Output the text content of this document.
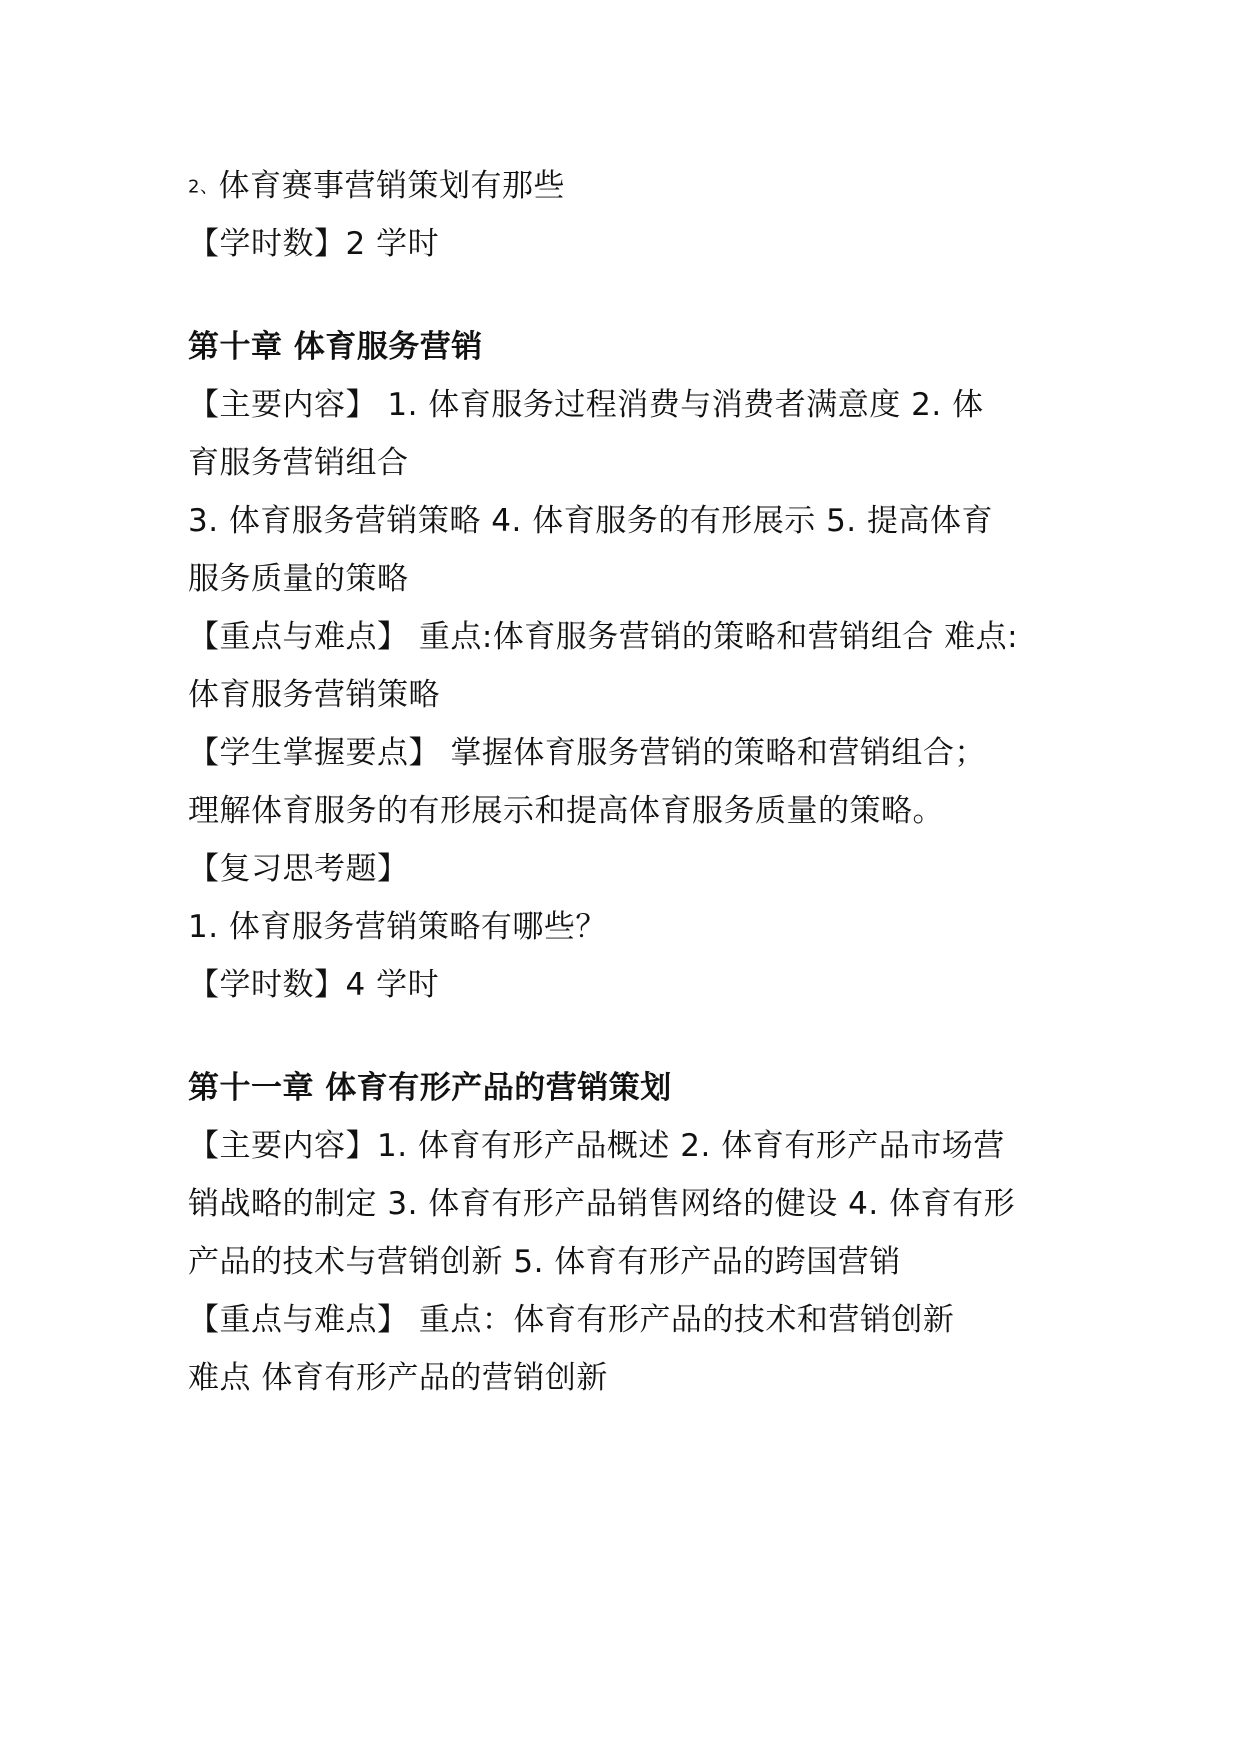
2、体育赛事营销策划有那些
【学时数】2 学时
第十章 体育服务营销
【主要内容】 1. 体育服务过程消费与消费者满意度 2. 体
育服务营销组合
3. 体育服务营销策略 4. 体育服务的有形展示 5. 提高体育
服务质量的策略
【重点与难点】 重点:体育服务营销的策略和营销组合 难点:
体育服务营销策略
【学生掌握要点】 掌握体育服务营销的策略和营销组合；
理解体育服务的有形展示和提高体育服务质量的策略。
【复习思考题】
1. 体育服务营销策略有哪些？
【学时数】4 学时
第十一章 体育有形产品的营销策划
【主要内容】1. 体育有形产品概述 2. 体育有形产品市场营
销战略的制定 3. 体育有形产品销售网络的健设 4. 体育有形
产品的技术与营销创新 5. 体育有形产品的跨国营销
【重点与难点】 重点：体育有形产品的技术和营销创新
难点 体育有形产品的营销创新
